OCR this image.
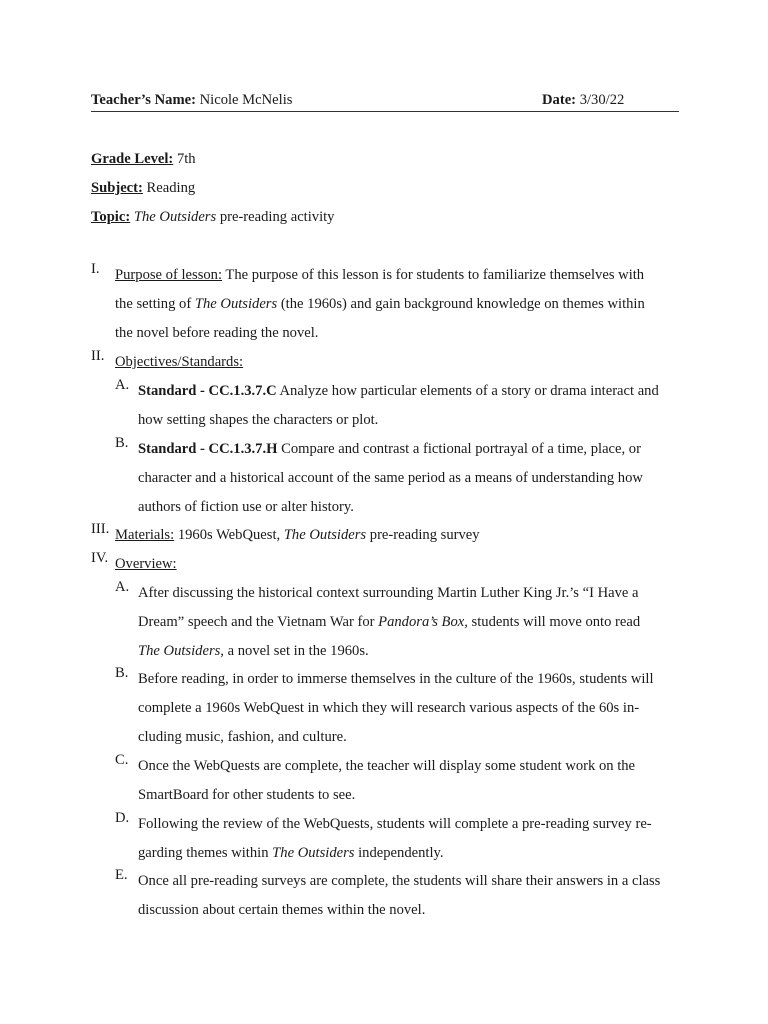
Teacher’s Name: Nicole McNelis	Date: 3/30/22
Grade Level: 7th
Subject: Reading
Topic: The Outsiders pre-reading activity
I. Purpose of lesson: The purpose of this lesson is for students to familiarize themselves with
the setting of The Outsiders (the 1960s) and gain background knowledge on themes within
the novel before reading the novel.
II. Objectives/Standards:
A. Standard - CC.1.3.7.C Analyze how particular elements of a story or drama interact and
how setting shapes the characters or plot.
B. Standard - CC.1.3.7.H Compare and contrast a fictional portrayal of a time, place, or
character and a historical account of the same period as a means of understanding how
authors of fiction use or alter history.
III. Materials: 1960s WebQuest, The Outsiders pre-reading survey
IV. Overview:
A. After discussing the historical context surrounding Martin Luther King Jr.’s “I Have a
Dream” speech and the Vietnam War for Pandora’s Box, students will move onto read
The Outsiders, a novel set in the 1960s.
B. Before reading, in order to immerse themselves in the culture of the 1960s, students will
complete a 1960s WebQuest in which they will research various aspects of the 60s in-
cluding music, fashion, and culture.
C. Once the WebQuests are complete, the teacher will display some student work on the
SmartBoard for other students to see.
D. Following the review of the WebQuests, students will complete a pre-reading survey re-
garding themes within The Outsiders independently.
E. Once all pre-reading surveys are complete, the students will share their answers in a class
discussion about certain themes within the novel.
